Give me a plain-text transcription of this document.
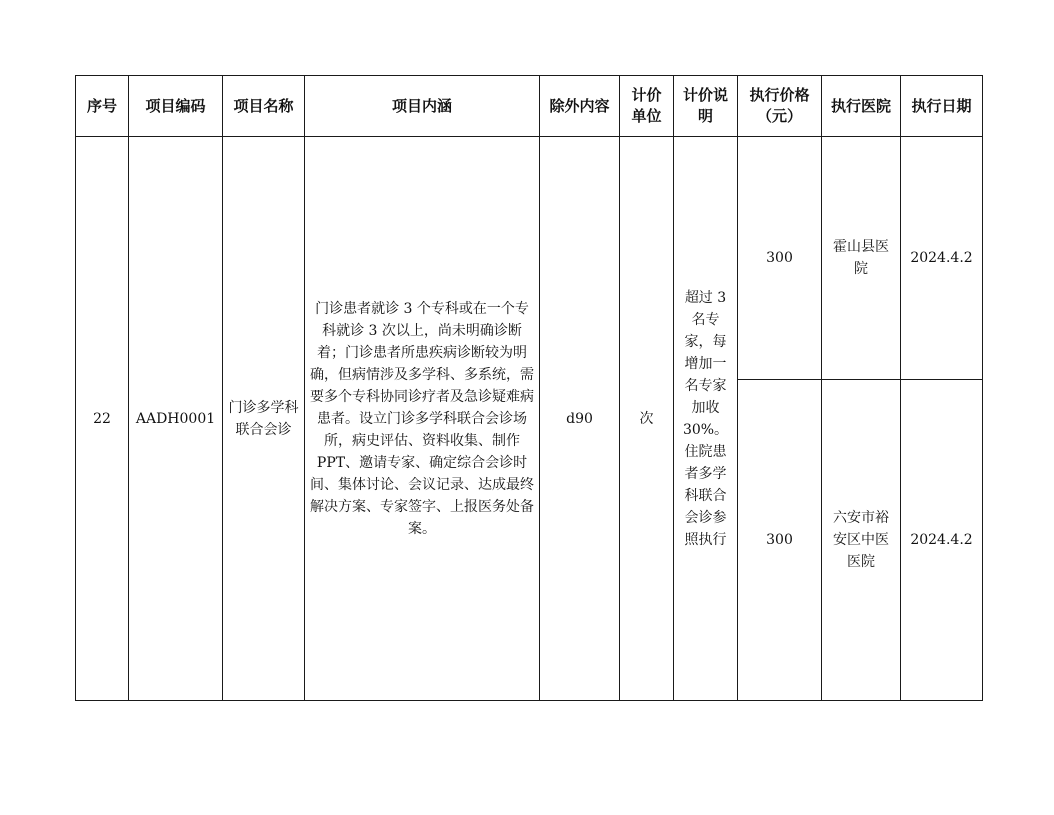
序号	项目编码	项目名称	项目内涵	除外内容	计价单位	计价说明	执行价格（元）	执行医院	执行日期
22	AADH0001	门诊多学科联合会诊	门诊患者就诊 3 个专科或在一个专科就诊 3 次以上，尚未明确诊断着；门诊患者所患疾病诊断较为明确，但病情涉及多学科、多系统，需要多个专科协同诊疗者及急诊疑难病患者。设立门诊多学科联合会诊场所，病史评估、资料收集、制作 PPT、邀请专家、确定综合会诊时间、集体讨论、会议记录、达成最终解决方案、专家签字、上报医务处备案。	d90	次	超过 3 名专家，每增加一名专家加收 30%。住院患者多学科联合会诊参照执行	300	霍山县医院	2024.4.2
							300	六安市裕安区中医医院	2024.4.2
